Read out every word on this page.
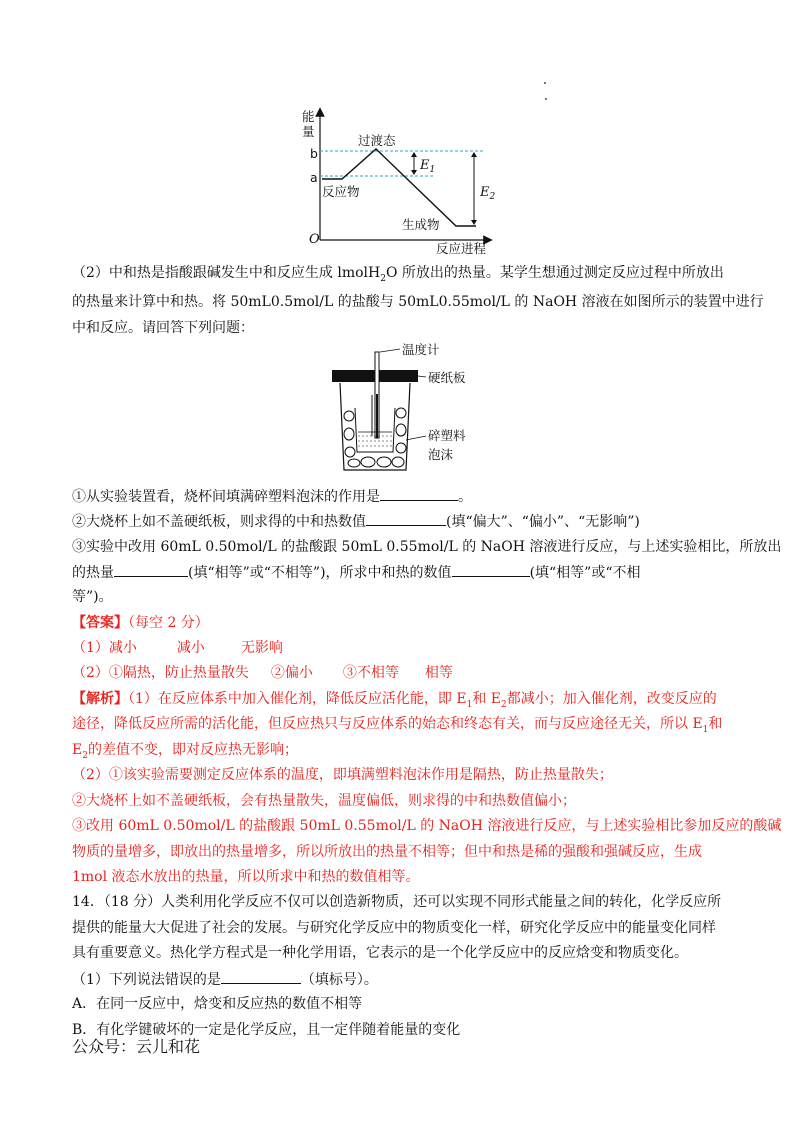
能
量
O
b
a
过渡态
反应物
生成物
$E_1$
$E_2$
反应进程
（2）中和热是指酸跟碱发生中和反应生成 lmolH$_2$O 所放出的热量。某学生想通过测定反应过程中所放出
的热量来计算中和热。将 50mL0.5mol/L 的盐酸与 50mL0.55mol/L 的 NaOH 溶液在如图所示的装置中进行
中和反应。请回答下列问题：
温度计
硬纸板
碎塑料
泡沫
①从实验装置看，烧杯间填满碎塑料泡沫的作用是	。
②大烧杯上如不盖硬纸板，则求得的中和热数值	(填“偏大”、“偏小”、“无影响”)
③实验中改用 60mL 0.50mol/L 的盐酸跟 50mL 0.55mol/L 的 NaOH 溶液进行反应，与上述实验相比，所放出
的热量	(填“相等”或“不相等”)，所求中和热的数值	(填“相等”或“不相
等”)。
【答案】（每空 2 分）
（1）减小	减小	无影响
（2）①隔热，防止热量散失 ②偏小 ③不相等 相等
【解析】（1）在反应体系中加入催化剂，降低反应活化能，即 $E_1$和 $E_2$都减小；加入催化剂，改变反应的
途径，降低反应所需的活化能，但反应热只与反应体系的始态和终态有关，而与反应途径无关，所以 $E_1$和
$E_2$的差值不变，即对反应热无影响；
（2）①该实验需要测定反应体系的温度，即填满塑料泡沫作用是隔热，防止热量散失；
②大烧杯上如不盖硬纸板，会有热量散失，温度偏低，则求得的中和热数值偏小；
③改用 60mL 0.50mol/L 的盐酸跟 50mL 0.55mol/L 的 NaOH 溶液进行反应，与上述实验相比参加反应的酸碱
物质的量增多，即放出的热量增多，所以所放出的热量不相等；但中和热是稀的强酸和强碱反应，生成
1mol 液态水放出的热量，所以所求中和热的数值相等。
14．（18 分）人类利用化学反应不仅可以创造新物质，还可以实现不同形式能量之间的转化，化学反应所
提供的能量大大促进了社会的发展。与研究化学反应中的物质变化一样，研究化学反应中的能量变化同样
具有重要意义。热化学方程式是一种化学用语，它表示的是一个化学反应中的反应焓变和物质变化。
（1）下列说法错误的是	（填标号）。
A．在同一反应中，焓变和反应热的数值不相等
B．有化学键破坏的一定是化学反应，且一定伴随着能量的变化
公众号：云儿和花
